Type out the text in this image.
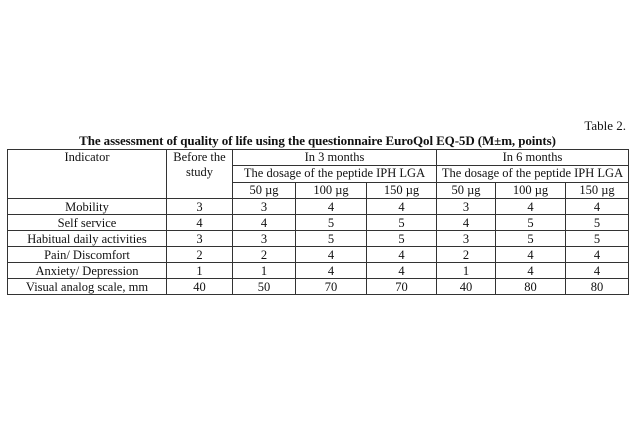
Table 2.
The assessment of quality of life using the questionnaire EuroQol EQ-5D (M±m, points)
Indicator	Before the study	In 3 months			In 6 months		
		The dosage of the peptide IPH LGA			The dosage of the peptide IPH LGA		
		50 µg	100 µg	150 µg	50 µg	100 µg	150 µg
Mobility	3	3	4	4	3	4	4
Self service	4	4	5	5	4	5	5
Habitual daily activities	3	3	5	5	3	5	5
Pain/ Discomfort	2	2	4	4	2	4	4
Anxiety/ Depression	1	1	4	4	1	4	4
Visual analog scale, mm	40	50	70	70	40	80	80
